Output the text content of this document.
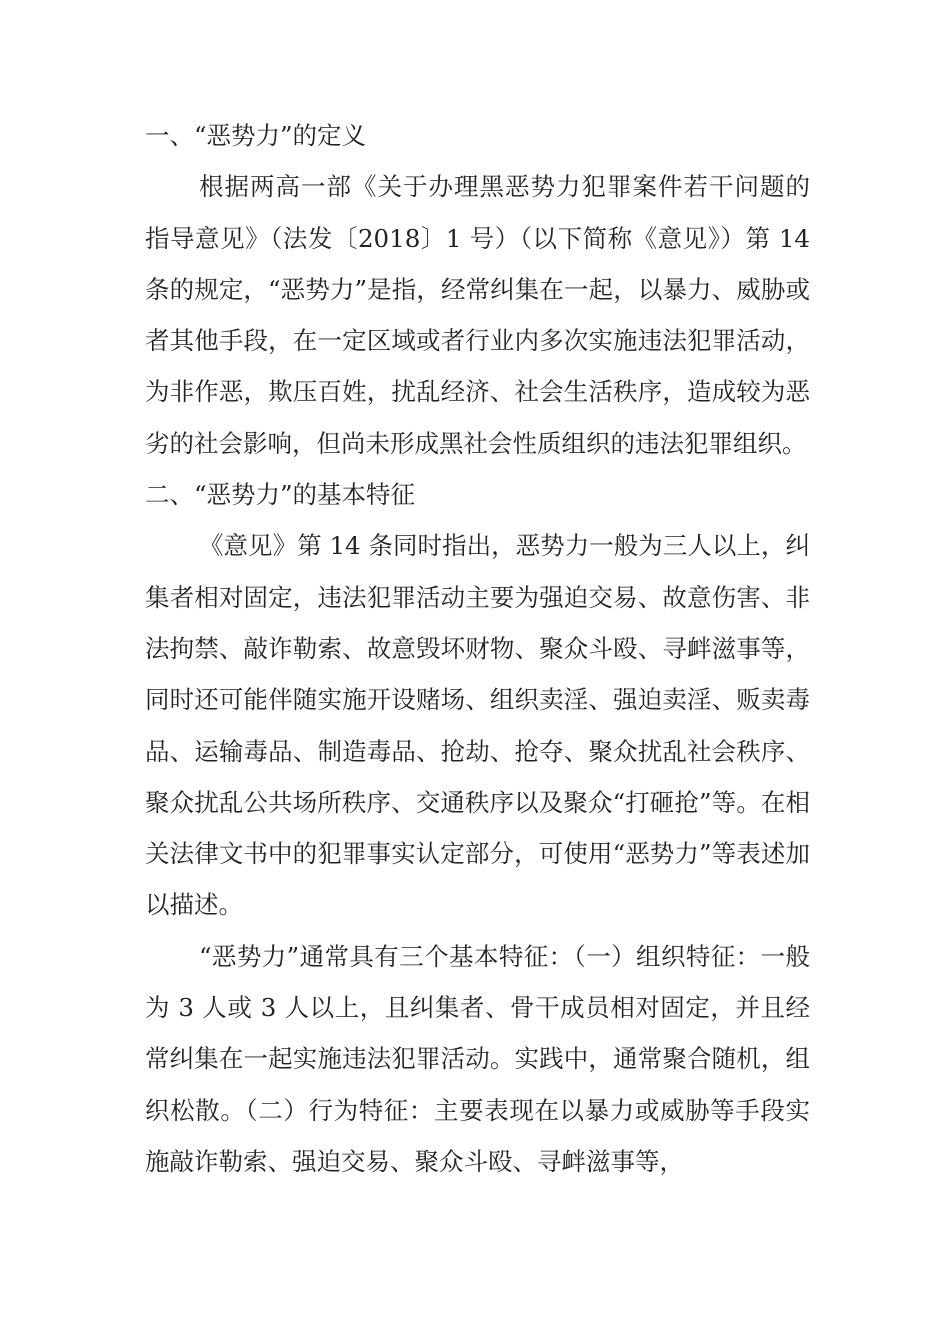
一、“恶势力”的定义

根据两高一部《关于办理黑恶势力犯罪案件若干问题的指导意见》（法发〔2018〕1 号）（以下简称《意见》）第 14 条的规定，“恶势力”是指，经常纠集在一起，以暴力、威胁或者其他手段，在一定区域或者行业内多次实施违法犯罪活动，为非作恶，欺压百姓，扰乱经济、社会生活秩序，造成较为恶劣的社会影响，但尚未形成黑社会性质组织的违法犯罪组织。

二、“恶势力”的基本特征

《意见》第 14 条同时指出，恶势力一般为三人以上，纠集者相对固定，违法犯罪活动主要为强迫交易、故意伤害、非法拘禁、敲诈勒索、故意毁坏财物、聚众斗殴、寻衅滋事等，同时还可能伴随实施开设赌场、组织卖淫、强迫卖淫、贩卖毒品、运输毒品、制造毒品、抢劫、抢夺、聚众扰乱社会秩序、聚众扰乱公共场所秩序、交通秩序以及聚众“打砸抢”等。在相关法律文书中的犯罪事实认定部分，可使用“恶势力”等表述加以描述。

“恶势力”通常具有三个基本特征：（一）组织特征：一般为 3 人或 3 人以上，且纠集者、骨干成员相对固定，并且经常纠集在一起实施违法犯罪活动。实践中，通常聚合随机，组织松散。（二）行为特征：主要表现在以暴力或威胁等手段实施敲诈勒索、强迫交易、聚众斗殴、寻衅滋事等，
